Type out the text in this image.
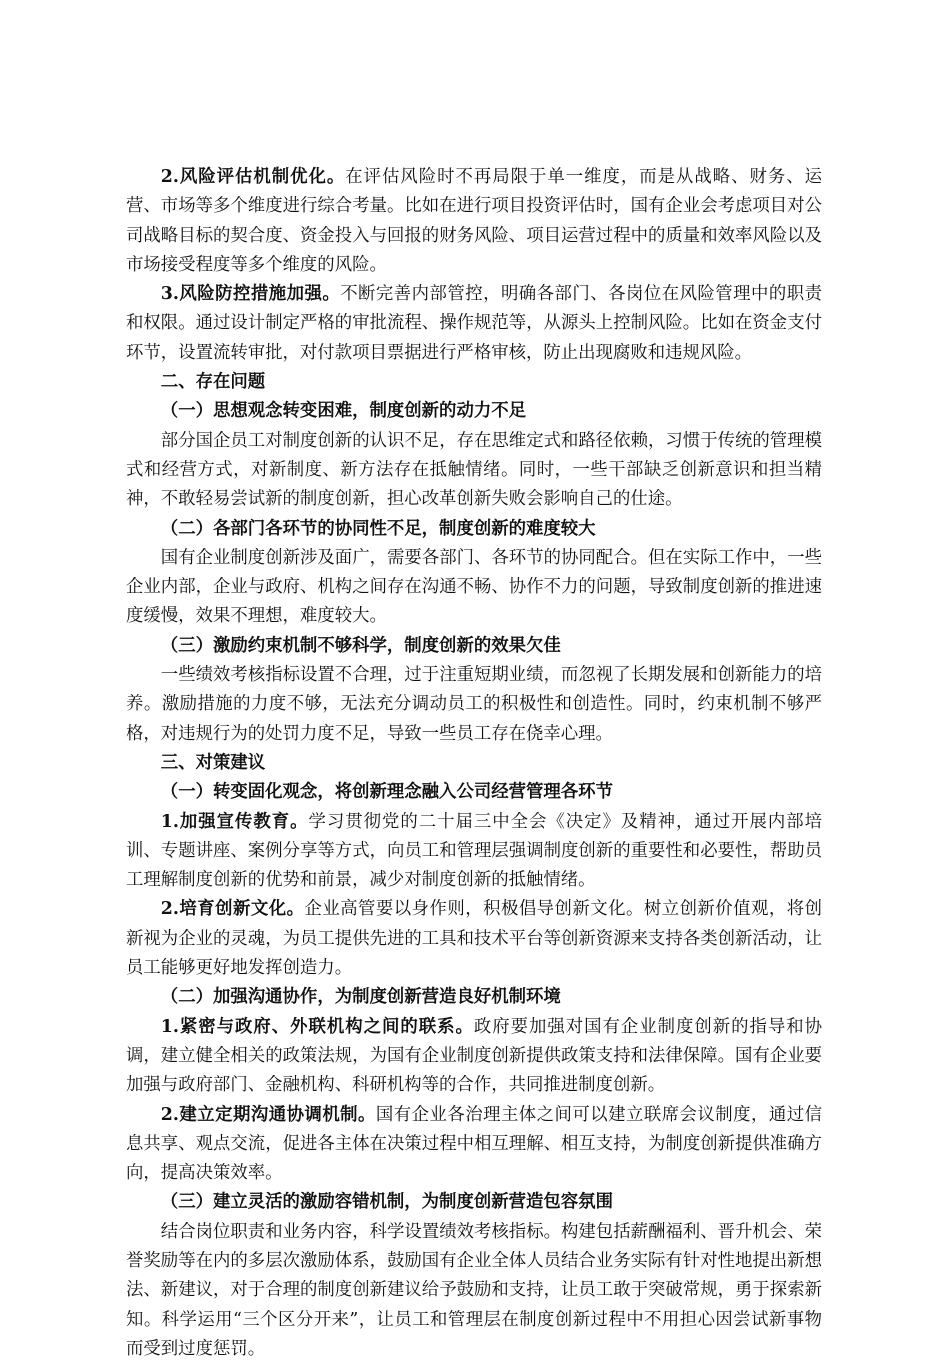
2.风险评估机制优化。在评估风险时不再局限于单一维度，而是从战略、财务、运营、市场等多个维度进行综合考量。比如在进行项目投资评估时，国有企业会考虑项目对公司战略目标的契合度、资金投入与回报的财务风险、项目运营过程中的质量和效率风险以及市场接受程度等多个维度的风险。

3.风险防控措施加强。不断完善内部管控，明确各部门、各岗位在风险管理中的职责和权限。通过设计制定严格的审批流程、操作规范等，从源头上控制风险。比如在资金支付环节，设置流转审批，对付款项目票据进行严格审核，防止出现腐败和违规风险。

二、存在问题

（一）思想观念转变困难，制度创新的动力不足

部分国企员工对制度创新的认识不足，存在思维定式和路径依赖，习惯于传统的管理模式和经营方式，对新制度、新方法存在抵触情绪。同时，一些干部缺乏创新意识和担当精神，不敢轻易尝试新的制度创新，担心改革创新失败会影响自己的仕途。

（二）各部门各环节的协同性不足，制度创新的难度较大

国有企业制度创新涉及面广，需要各部门、各环节的协同配合。但在实际工作中，一些企业内部，企业与政府、机构之间存在沟通不畅、协作不力的问题，导致制度创新的推进速度缓慢，效果不理想，难度较大。

（三）激励约束机制不够科学，制度创新的效果欠佳

一些绩效考核指标设置不合理，过于注重短期业绩，而忽视了长期发展和创新能力的培养。激励措施的力度不够，无法充分调动员工的积极性和创造性。同时，约束机制不够严格，对违规行为的处罚力度不足，导致一些员工存在侥幸心理。

三、对策建议

（一）转变固化观念，将创新理念融入公司经营管理各环节

1.加强宣传教育。学习贯彻党的二十届三中全会《决定》及精神，通过开展内部培训、专题讲座、案例分享等方式，向员工和管理层强调制度创新的重要性和必要性，帮助员工理解制度创新的优势和前景，减少对制度创新的抵触情绪。

2.培育创新文化。企业高管要以身作则，积极倡导创新文化。树立创新价值观，将创新视为企业的灵魂，为员工提供先进的工具和技术平台等创新资源来支持各类创新活动，让员工能够更好地发挥创造力。

（二）加强沟通协作，为制度创新营造良好机制环境

1.紧密与政府、外联机构之间的联系。政府要加强对国有企业制度创新的指导和协调，建立健全相关的政策法规，为国有企业制度创新提供政策支持和法律保障。国有企业要加强与政府部门、金融机构、科研机构等的合作，共同推进制度创新。

2.建立定期沟通协调机制。国有企业各治理主体之间可以建立联席会议制度，通过信息共享、观点交流，促进各主体在决策过程中相互理解、相互支持，为制度创新提供准确方向，提高决策效率。

（三）建立灵活的激励容错机制，为制度创新营造包容氛围

结合岗位职责和业务内容，科学设置绩效考核指标。构建包括薪酬福利、晋升机会、荣誉奖励等在内的多层次激励体系，鼓励国有企业全体人员结合业务实际有针对性地提出新想法、新建议，对于合理的制度创新建议给予鼓励和支持，让员工敢于突破常规，勇于探索新知。科学运用“三个区分开来”，让员工和管理层在制度创新过程中不用担心因尝试新事物而受到过度惩罚。
